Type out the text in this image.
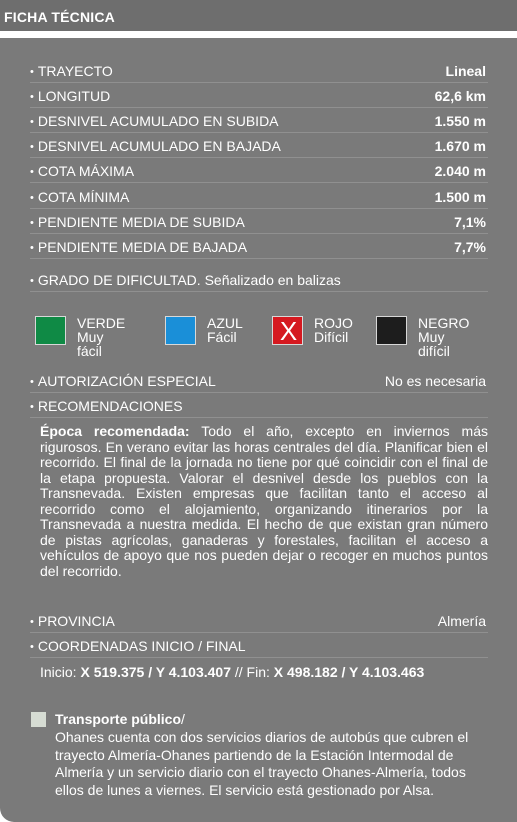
FICHA TÉCNICA
• TRAYECTO	Lineal
• LONGITUD	62,6 km
• DESNIVEL ACUMULADO EN SUBIDA	1.550 m
• DESNIVEL ACUMULADO EN BAJADA	1.670 m
• COTA MÁXIMA	2.040 m
• COTA MÍNIMA	1.500 m
• PENDIENTE MEDIA DE SUBIDA	7,1%
• PENDIENTE MEDIA DE BAJADA	7,7%
• GRADO DE DIFICULTAD. Señalizado en balizas
VERDE
Muy fácil
AZUL
Fácil X	ROJO
Difícil
NEGRO
Muy difícil
• AUTORIZACIÓN ESPECIAL	No es necesaria
• RECOMENDACIONES
Época recomendada: Todo el año, excepto en inviernos más rigurosos. En verano evitar las horas centrales del día. Planificar bien el recorrido. El final de la jornada no tiene por qué coincidir con el final de la etapa propuesta. Valorar el desnivel desde los pueblos con la Transnevada. Existen empresas que facilitan tanto el acceso al recorrido como el alojamiento, organizando itinerarios por la Transnevada a nuestra medida. El hecho de que existan gran número de pistas agrícolas, ganaderas y forestales, facilitan el acceso a vehículos de apoyo que nos pueden dejar o recoger en muchos puntos del recorrido.
• PROVINCIA	Almería
• COORDENADAS INICIO / FINAL
Inicio: X 519.375 / Y 4.103.407 // Fin: X 498.182 / Y 4.103.463
Transporte público/
Ohanes cuenta con dos servicios diarios de autobús que cubren el trayecto Almería-Ohanes partiendo de la Estación Intermodal de Almería y un servicio diario con el trayecto Ohanes-Almería, todos ellos de lunes a viernes. El servicio está gestionado por Alsa.
